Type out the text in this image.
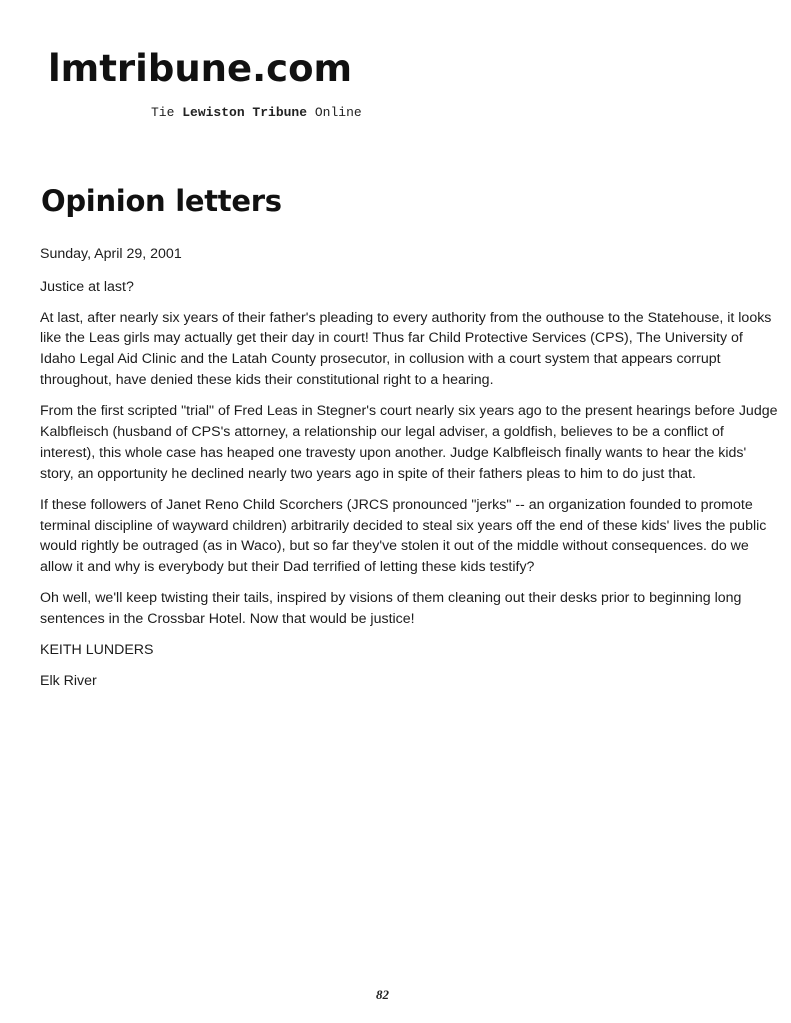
lmtribune.com
Tie Lewiston Tribune Online
Opinion letters

Sunday, April 29, 2001

Justice at last?

At last, after nearly six years of their father's pleading to every authority from the outhouse to the Statehouse, it looks like the Leas girls may actually get their day in court! Thus far Child Protective Services (CPS), The University of Idaho Legal Aid Clinic and the Latah County prosecutor, in collusion with a court system that appears corrupt throughout, have denied these kids their constitutional right to a hearing.

From the first scripted "trial" of Fred Leas in Stegner's court nearly six years ago to the present hearings before Judge Kalbfleisch (husband of CPS's attorney, a relationship our legal adviser, a goldfish, believes to be a conflict of interest), this whole case has heaped one travesty upon another. Judge Kalbfleisch finally wants to hear the kids' story, an opportunity he declined nearly two years ago in spite of their fathers pleas to him to do just that.

If these followers of Janet Reno Child Scorchers (JRCS pronounced "jerks" -- an organization founded to promote terminal discipline of wayward children) arbitrarily decided to steal six years off the end of these kids' lives the public would rightly be outraged (as in Waco), but so far they've stolen it out of the middle without consequences. do we allow it and why is everybody but their Dad terrified of letting these kids testify?

Oh well, we'll keep twisting their tails, inspired by visions of them cleaning out their desks prior to beginning long sentences in the Crossbar Hotel. Now that would be justice!

KEITH LUNDERS

Elk River

82
